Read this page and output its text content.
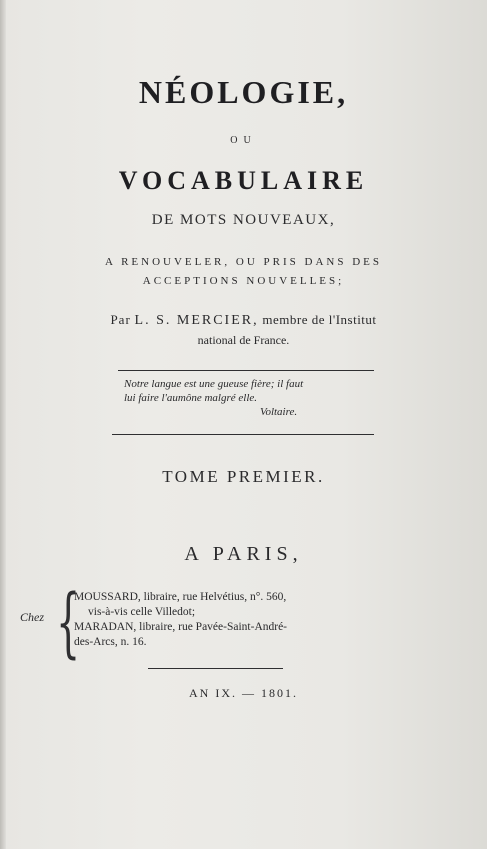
NÉOLOGIE,
OU
VOCABULAIRE
DE MOTS NOUVEAUX,
A RENOUVELER, OU PRIS DANS DES
ACCEPTIONS NOUVELLES;
Par L. S. MERCIER, membre de l'Institut
national de France.
Notre langue est une gueuse fière; il faut
lui faire l'aumône malgré elle.
Voltaire.
TOME PREMIER.
A PARIS,
Chez {
MOUSSARD, libraire, rue Helvétius, n°. 560,
vis-à-vis celle Villedot;
MARADAN, libraire, rue Pavée-Saint-André-
des-Arcs, n. 16.
AN IX. — 1801.
